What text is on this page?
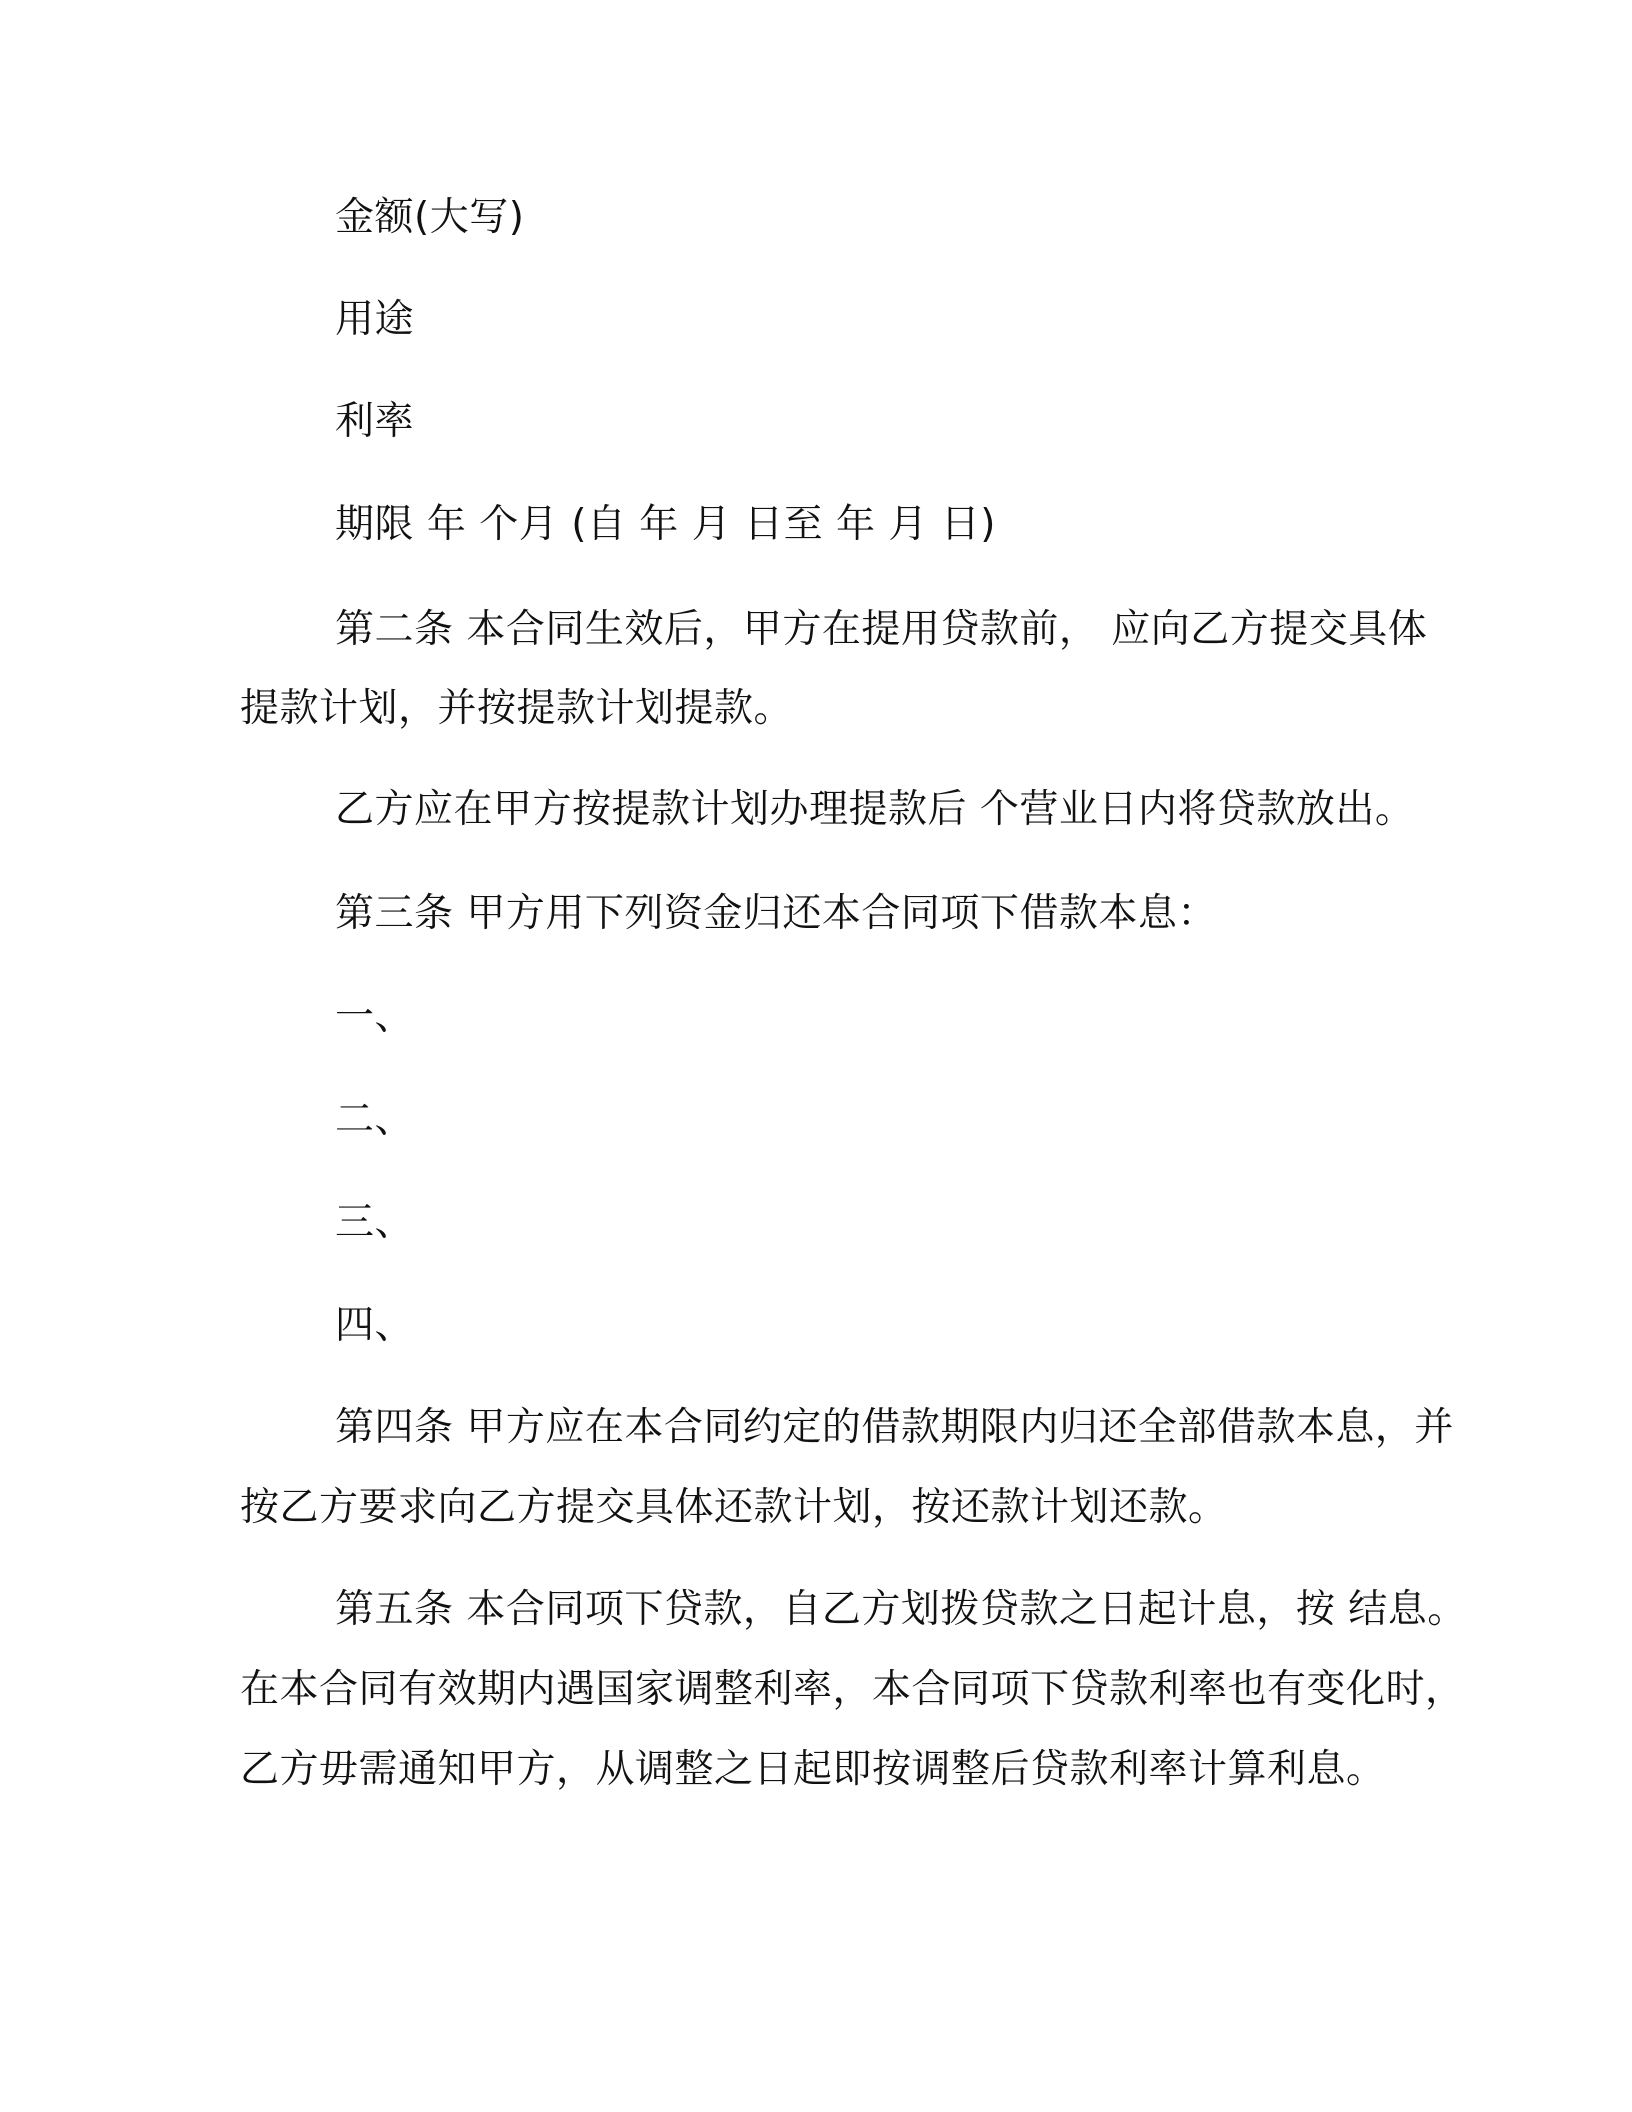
金额(大写)
用途
利率
期限 年 个月 (自 年 月 日至 年 月 日)
第二条 本合同生效后，甲方在提用贷款前， 应向乙方提交具体
提款计划，并按提款计划提款。
乙方应在甲方按提款计划办理提款后 个营业日内将贷款放出。
第三条 甲方用下列资金归还本合同项下借款本息：
一、
二、
三、
四、
第四条 甲方应在本合同约定的借款期限内归还全部借款本息，并
按乙方要求向乙方提交具体还款计划，按还款计划还款。
第五条 本合同项下贷款，自乙方划拨贷款之日起计息，按 结息。
在本合同有效期内遇国家调整利率，本合同项下贷款利率也有变化时，
乙方毋需通知甲方，从调整之日起即按调整后贷款利率计算利息。
